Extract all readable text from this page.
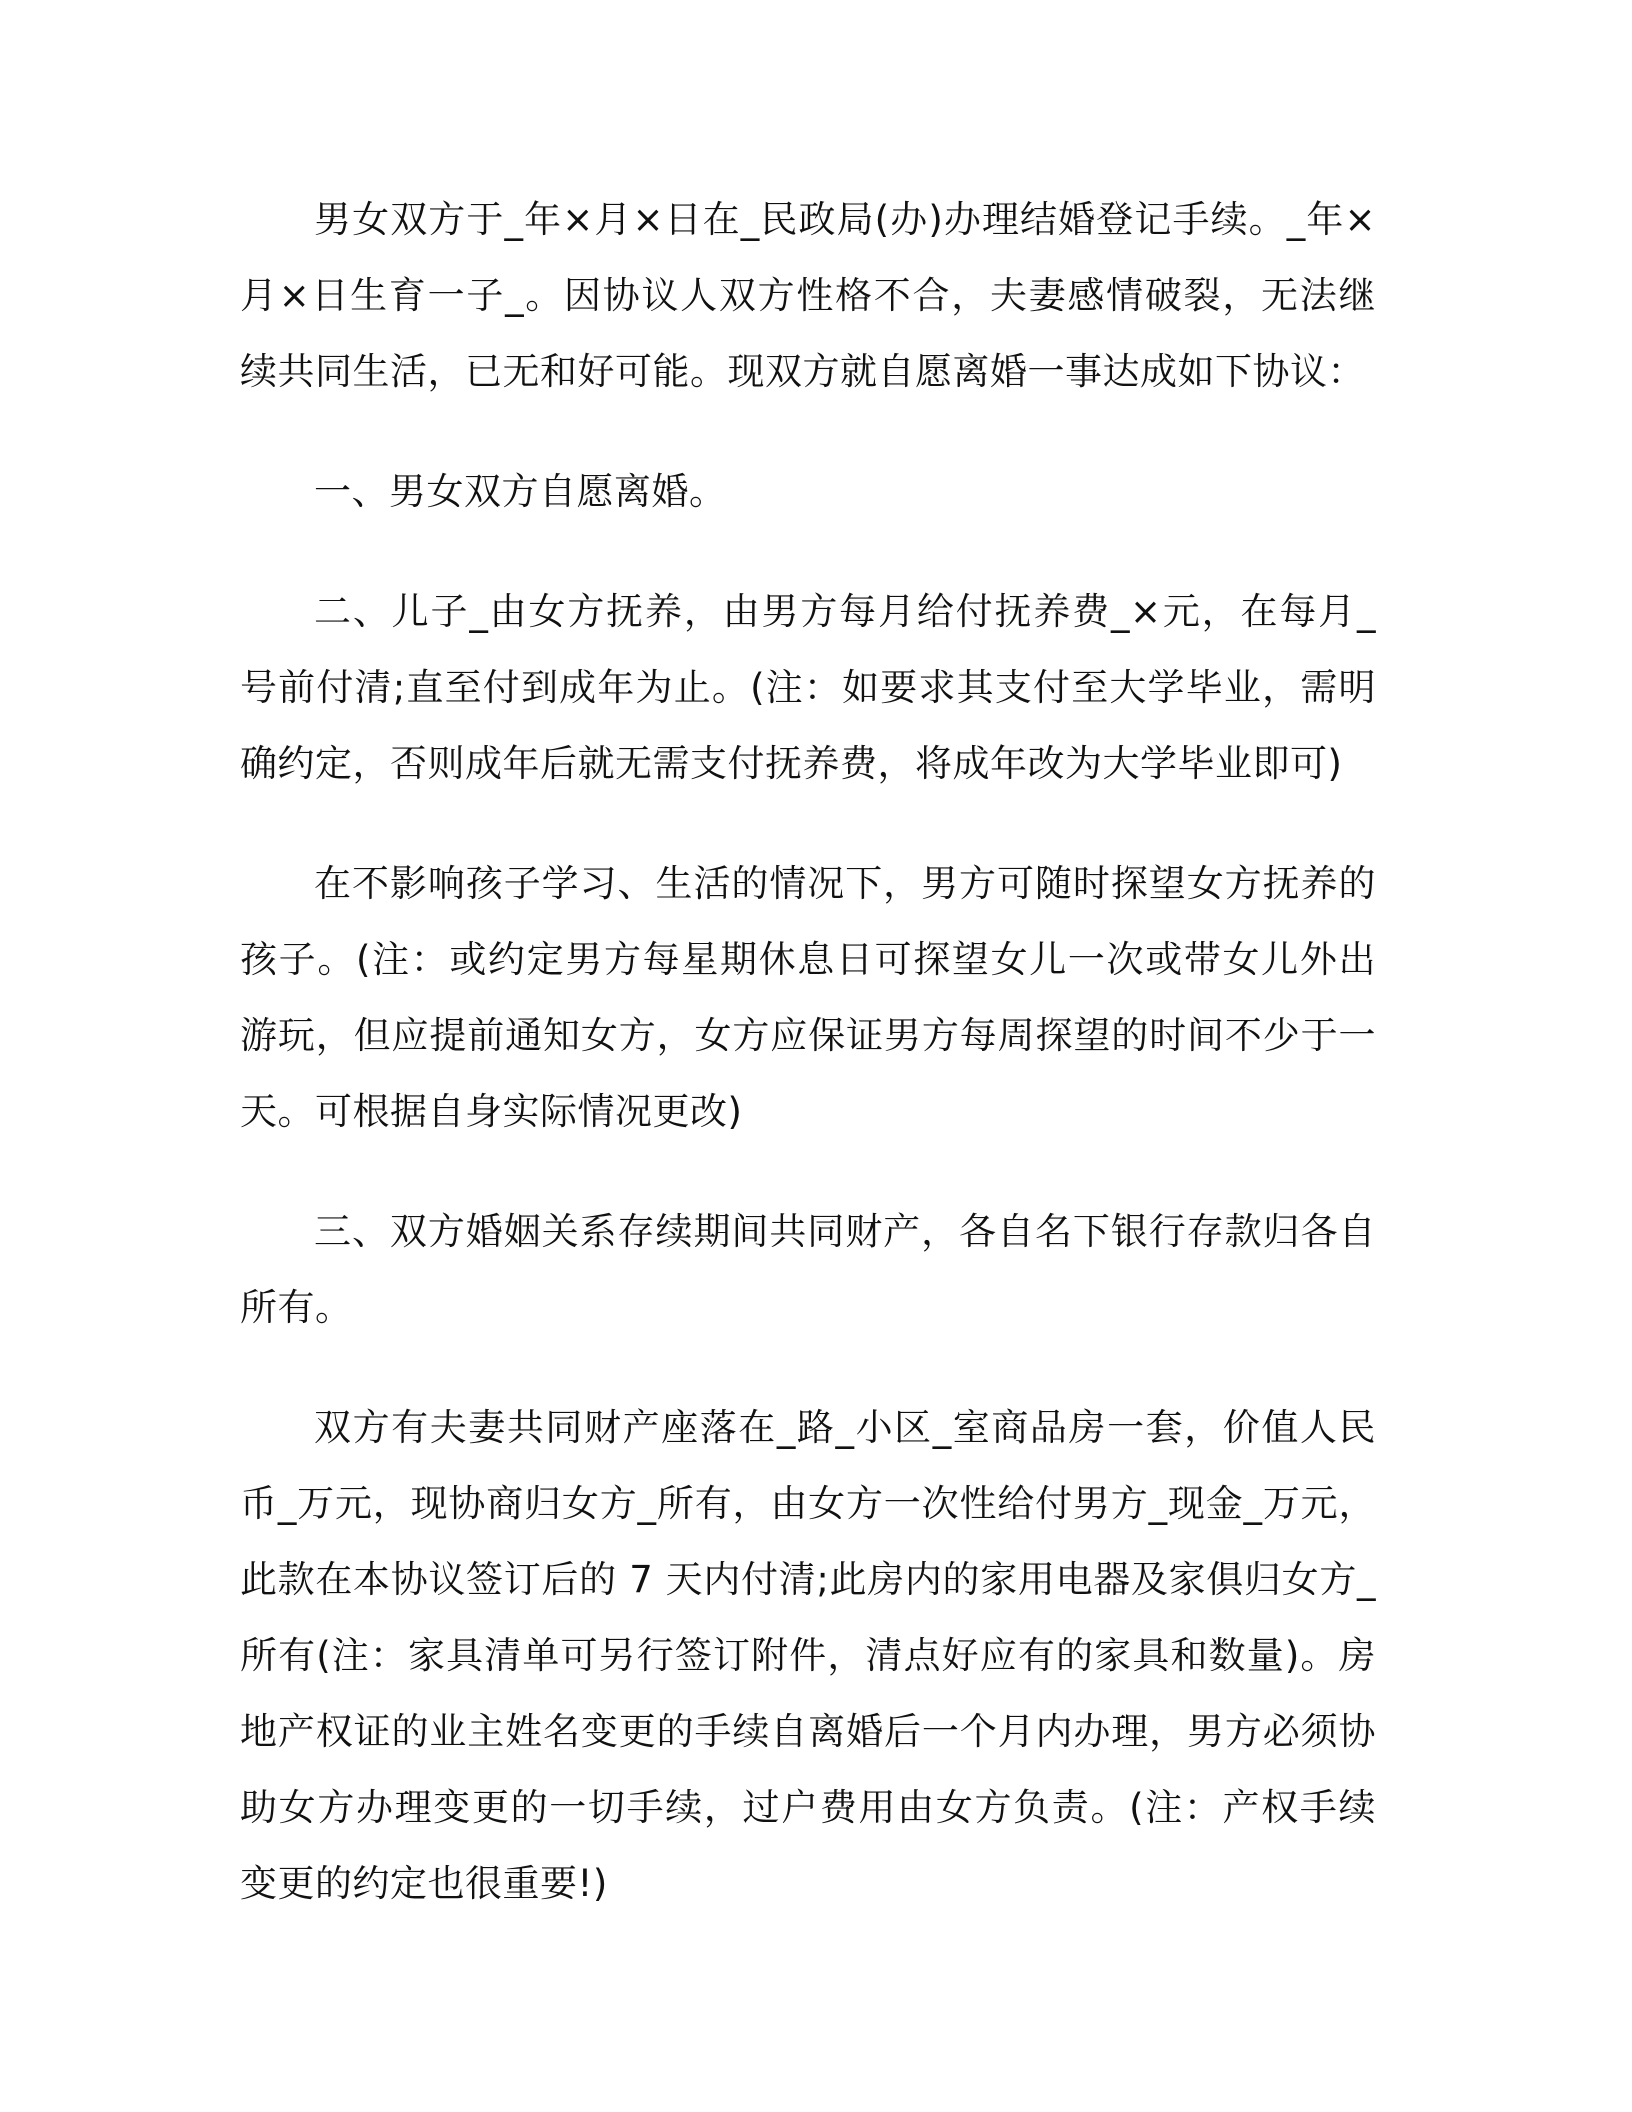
男女双方于_年×月×日在_民政局(办)办理结婚登记手续。_年×月×日生育一子_。因协议人双方性格不合，夫妻感情破裂，无法继续共同生活，已无和好可能。现双方就自愿离婚一事达成如下协议：

一、男女双方自愿离婚。

二、儿子_由女方抚养，由男方每月给付抚养费_×元，在每月_号前付清;直至付到成年为止。(注：如要求其支付至大学毕业，需明确约定，否则成年后就无需支付抚养费，将成年改为大学毕业即可)

在不影响孩子学习、生活的情况下，男方可随时探望女方抚养的孩子。(注：或约定男方每星期休息日可探望女儿一次或带女儿外出游玩，但应提前通知女方，女方应保证男方每周探望的时间不少于一天。可根据自身实际情况更改)

三、双方婚姻关系存续期间共同财产，各自名下银行存款归各自所有。

双方有夫妻共同财产座落在_路_小区_室商品房一套，价值人民币_万元，现协商归女方_所有，由女方一次性给付男方_现金_万元，此款在本协议签订后的 7 天内付清;此房内的家用电器及家俱归女方_所有(注：家具清单可另行签订附件，清点好应有的家具和数量)。房地产权证的业主姓名变更的手续自离婚后一个月内办理，男方必须协助女方办理变更的一切手续，过户费用由女方负责。(注：产权手续变更的约定也很重要!)
